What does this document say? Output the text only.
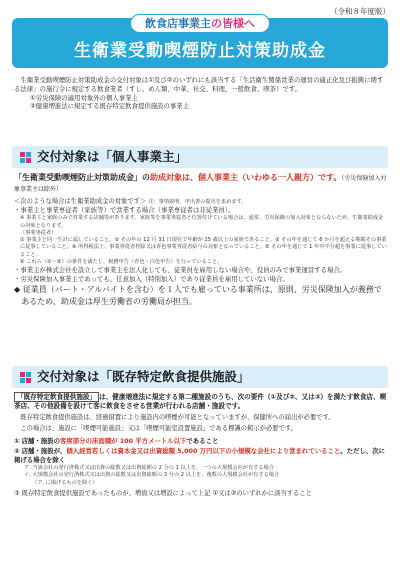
（令和８年度版）
飲食店事業主の皆様へ
生衛業受動喫煙防止対策助成金

生衛業受動喫煙防止対策助成金の交付対象は①及び②のいずれにも該当する「生活衛生関係営業の運営の適正化及び振興に関する法律」の施行令に規定する飲食業者（すし、めん類、中華、社交、料理、一般飲食、喫茶）です。

①労災保険の適用対象外の個人事業主

②健康増進法に規定する既存特定飲食提供施設の事業主

交付対象は「個人事業主」

「生衛業受動喫煙防止対策助成金」の助成対象は、個人事業主（いわゆる一人親方）です。（労災保険加入対象事業主は除外）

＜次のような場合は生衛業助成金の対象です＞ 注：事情説明、申出書の提出を求めます。

・事業主と事業専従者（家族等）で営業する場合（事業専従者は非従業員）。

※ 事業主と家族のみで営業する店舗等があります。家族等を事業専従者と位置付けている場合は、通常、労災保険の加入対象とならないため、生衛業助成金の対象となります。

（事業専従者）

① 事業主と同一生計に属していること。② その年の 12 月 31 日現在で年齢が 15 歳以上の家族であること。③ その年を通じて 6 か月を超える期間その事業に従事していること。④ 所得税法上、事業専従者控除又は青色事業専従者給与の対象となっていること。⑤ その年を通じて 1 年中半分超を事業に従事していること。

⑥ これら（①～⑤）の条件を満たし、税務申告（青色・白色申告）を行っていること。

・事業主が株式会社を設立して事業主を法人化しても、従業員を雇用しない場合や、役員のみで事業運営する場合。

・労災保険加入事業主であっても、任意加入（特別加入）であり従業員を雇用していない場合。

◆ 従業員（パート・アルバイトを含む）を１人でも雇っている事業所は、原則、労災保険加入が義務であるため、助成金は厚生労働省の労働局が担当。

交付対象は「既存特定飲食提供施設」

「既存特定飲食提供施設」 は、健康増進法に規定する第二種施設のうち、次の要件（①及び②、又は③）を満たす飲食店、喫茶店、その他設備を設けて客に飲食をさせる営業が行われる店舗・施設です。

既存特定飲食提供施設は、経過措置により施設内の喫煙が可能となっていますが、保健所への届出が必要です。

この場合は、施設に「喫煙可能施設」又は「喫煙可能室設置施設」である標識の掲示が必要です。

① 店舗・施設の客席部分の床面積が 100 平方メートル以下であること

② 店舗・施設が、個人経営若しくは資本金又は出資総額 5,000 万円以下の小規模な会社により営まれていること。ただし、次に掲げる場合を除く

ア. 当該会社の発行済株式又は出資の総数又は出資総額の 2 分の 1 以上を、一つの大規模会社が有する場合

イ. 大規模会社の発行済株式又は出資の総数又は出資総額の 3 分の 2 以上を、複数の大規模会社が有する場合

（ア. に掲げるものを除く）

③ 既存特定飲食提供施設であったものが、増資又は増設によって上記 ①又は②のいずれかに該当すること
